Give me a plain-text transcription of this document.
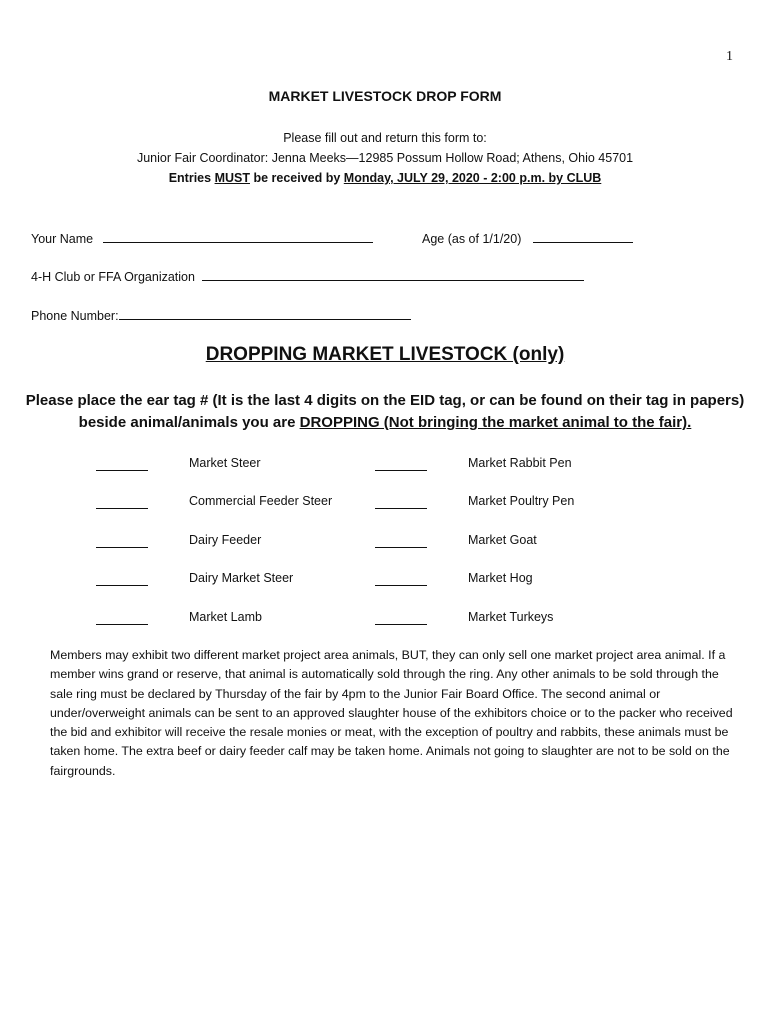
1
MARKET LIVESTOCK DROP FORM
Please fill out and return this form to:
Junior Fair Coordinator: Jenna Meeks—12985 Possum Hollow Road; Athens, Ohio 45701
Entries MUST be received by Monday, JULY 29, 2020 - 2:00 p.m. by CLUB
Your Name	Age (as of 1/1/20)
4-H Club or FFA Organization
Phone Number:
DROPPING MARKET LIVESTOCK (only)
Please place the ear tag # (It is the last 4 digits on the EID tag, or can be found on their tag in papers) beside animal/animals you are DROPPING (Not bringing the market animal to the fair).
Market Steer	Market Rabbit Pen
Commercial Feeder Steer	Market Poultry Pen
Dairy Feeder	Market Goat
Dairy Market Steer	Market Hog
Market Lamb	Market Turkeys
Members may exhibit two different market project area animals, BUT, they can only sell one market project area animal. If a member wins grand or reserve, that animal is automatically sold through the ring. Any other animals to be sold through the sale ring must be declared by Thursday of the fair by 4pm to the Junior Fair Board Office. The second animal or under/overweight animals can be sent to an approved slaughter house of the exhibitors choice or to the packer who received the bid and exhibitor will receive the resale monies or meat, with the exception of poultry and rabbits, these animals must be taken home. The extra beef or dairy feeder calf may be taken home. Animals not going to slaughter are not to be sold on the fairgrounds.
